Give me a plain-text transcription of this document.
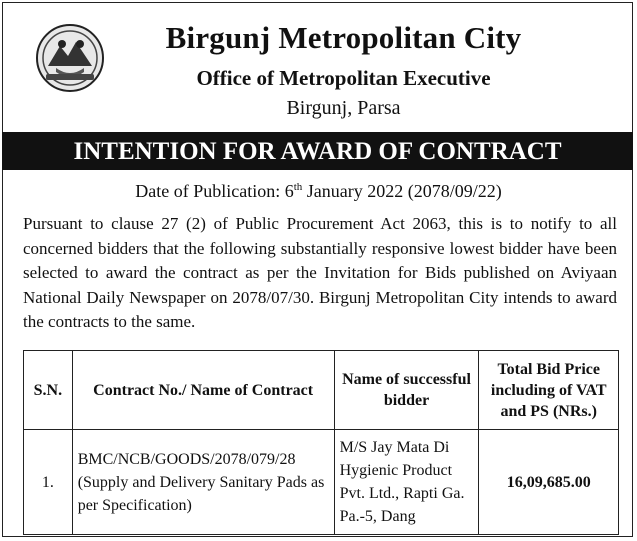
Birgunj Metropolitan City
Office of Metropolitan Executive
Birgunj, Parsa
INTENTION FOR AWARD OF CONTRACT
Date of Publication: 6th January 2022 (2078/09/22)
Pursuant to clause 27 (2) of Public Procurement Act 2063, this is to notify to all concerned bidders that the following substantially responsive lowest bidder have been selected to award the contract as per the Invitation for Bids published on Aviyaan National Daily Newspaper on 2078/07/30. Birgunj Metropolitan City intends to award the contracts to the same.
S.N.	Contract No./ Name of Contract	Name of successful bidder	Total Bid Price including of VAT and PS (NRs.)
1.	BMC/NCB/GOODS/2078/079/28 (Supply and Delivery Sanitary Pads as per Specification)	M/S Jay Mata Di Hygienic Product Pvt. Ltd., Rapti Ga. Pa.-5, Dang	16,09,685.00
